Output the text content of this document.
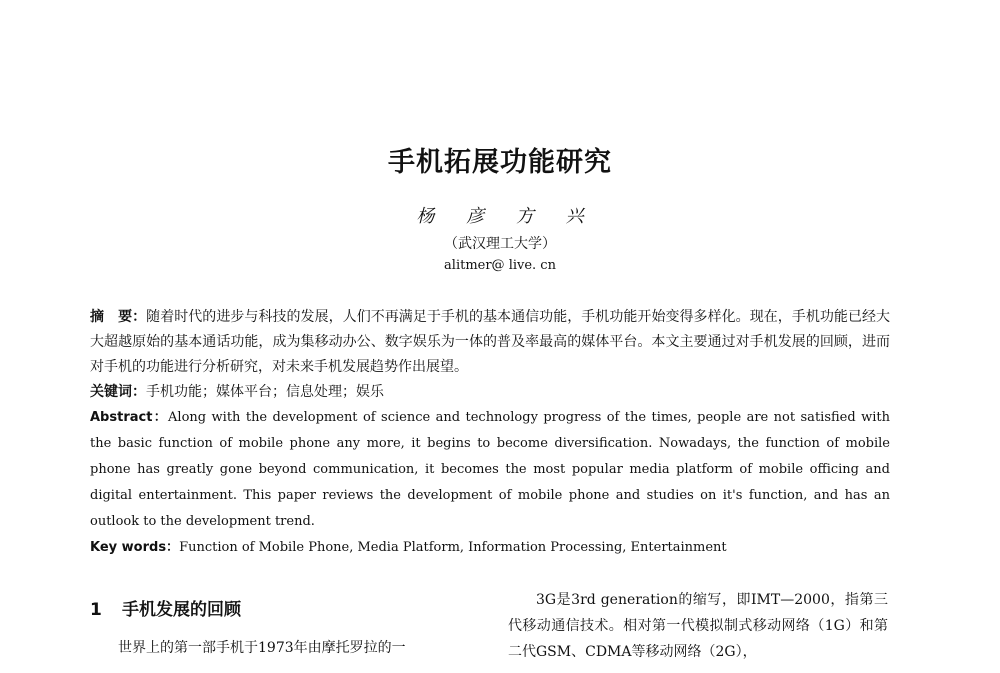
手机拓展功能研究
杨 彦 方 兴
（武汉理工大学）
alitmer@ live. cn

摘　要：随着时代的进步与科技的发展，人们不再满足于手机的基本通信功能，手机功能开始变得多样化。现在，手机功能已经大大超越原始的基本通话功能，成为集移动办公、数字娱乐为一体的普及率最高的媒体平台。本文主要通过对手机发展的回顾，进而对手机的功能进行分析研究，对未来手机发展趋势作出展望。

关键词：手机功能；媒体平台；信息处理；娱乐

Abstract：Along with the development of science and technology progress of the times, people are not satisfied with the basic function of mobile phone any more, it begins to become diversification. Nowadays, the function of mobile phone has greatly gone beyond communication, it becomes the most popular media platform of mobile officing and digital entertainment. This paper reviews the development of mobile phone and studies on it's function, and has an outlook to the development trend.

Key words：Function of Mobile Phone, Media Platform, Information Processing, Entertainment

1 手机发展的回顾

世界上的第一部手机于1973年由摩托罗拉的一

3G是3rd generation的缩写，即IMT—2000，指第三代移动通信技术。相对第一代模拟制式移动网络（1G）和第二代GSM、CDMA等移动网络（2G），
